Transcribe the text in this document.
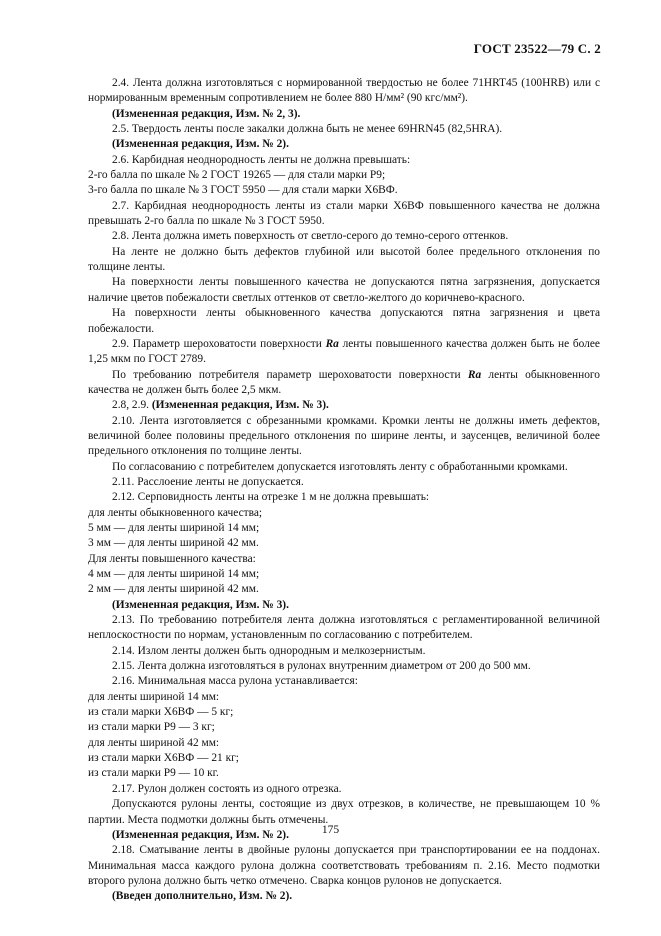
ГОСТ 23522—79 С. 2

2.4. Лента должна изготовляться с нормированной твердостью не более 71HRT45 (100HRB) или с нормированным временным сопротивлением не более 880 Н/мм² (90 кгс/мм²).

(Измененная редакция, Изм. № 2, 3).

2.5. Твердость ленты после закалки должна быть не менее 69HRN45 (82,5HRA).

(Измененная редакция, Изм. № 2).

2.6. Карбидная неоднородность ленты не должна превышать:

2-го балла по шкале № 2 ГОСТ 19265 — для стали марки Р9;

3-го балла по шкале № 3 ГОСТ 5950 — для стали марки Х6ВФ.

2.7. Карбидная неоднородность ленты из стали марки Х6ВФ повышенного качества не должна превышать 2-го балла по шкале № 3 ГОСТ 5950.

2.8. Лента должна иметь поверхность от светло-серого до темно-серого оттенков.

На ленте не должно быть дефектов глубиной или высотой более предельного отклонения по толщине ленты.

На поверхности ленты повышенного качества не допускаются пятна загрязнения, допускается наличие цветов побежалости светлых оттенков от светло-желтого до коричнево-красного.

На поверхности ленты обыкновенного качества допускаются пятна загрязнения и цвета побежалости.

2.9. Параметр шероховатости поверхности Ra ленты повышенного качества должен быть не более 1,25 мкм по ГОСТ 2789.

По требованию потребителя параметр шероховатости поверхности Ra ленты обыкновенного качества не должен быть более 2,5 мкм.

2.8, 2.9. (Измененная редакция, Изм. № 3).

2.10. Лента изготовляется с обрезанными кромками. Кромки ленты не должны иметь дефектов, величиной более половины предельного отклонения по ширине ленты, и заусенцев, величиной более предельного отклонения по толщине ленты.

По согласованию с потребителем допускается изготовлять ленту с обработанными кромками.

2.11. Расслоение ленты не допускается.

2.12. Серповидность ленты на отрезке 1 м не должна превышать:

для ленты обыкновенного качества;

5 мм — для ленты шириной 14 мм;

3 мм — для ленты шириной 42 мм.

Для ленты повышенного качества:

4 мм — для ленты шириной 14 мм;

2 мм — для ленты шириной 42 мм.

(Измененная редакция, Изм. № 3).

2.13. По требованию потребителя лента должна изготовляться с регламентированной величиной неплоскостности по нормам, установленным по согласованию с потребителем.

2.14. Излом ленты должен быть однородным и мелкозернистым.

2.15. Лента должна изготовляться в рулонах внутренним диаметром от 200 до 500 мм.

2.16. Минимальная масса рулона устанавливается:

для ленты шириной 14 мм:

из стали марки Х6ВФ — 5 кг;

из стали марки Р9 — 3 кг;

для ленты шириной 42 мм:

из стали марки Х6ВФ — 21 кг;

из стали марки Р9 — 10 кг.

2.17. Рулон должен состоять из одного отрезка.

Допускаются рулоны ленты, состоящие из двух отрезков, в количестве, не превышающем 10 % партии. Места подмотки должны быть отмечены.

(Измененная редакция, Изм. № 2).

2.18. Сматывание ленты в двойные рулоны допускается при транспортировании ее на поддонах. Минимальная масса каждого рулона должна соответствовать требованиям п. 2.16. Место подмотки второго рулона должно быть четко отмечено. Сварка концов рулонов не допускается.

(Введен дополнительно, Изм. № 2).

175
